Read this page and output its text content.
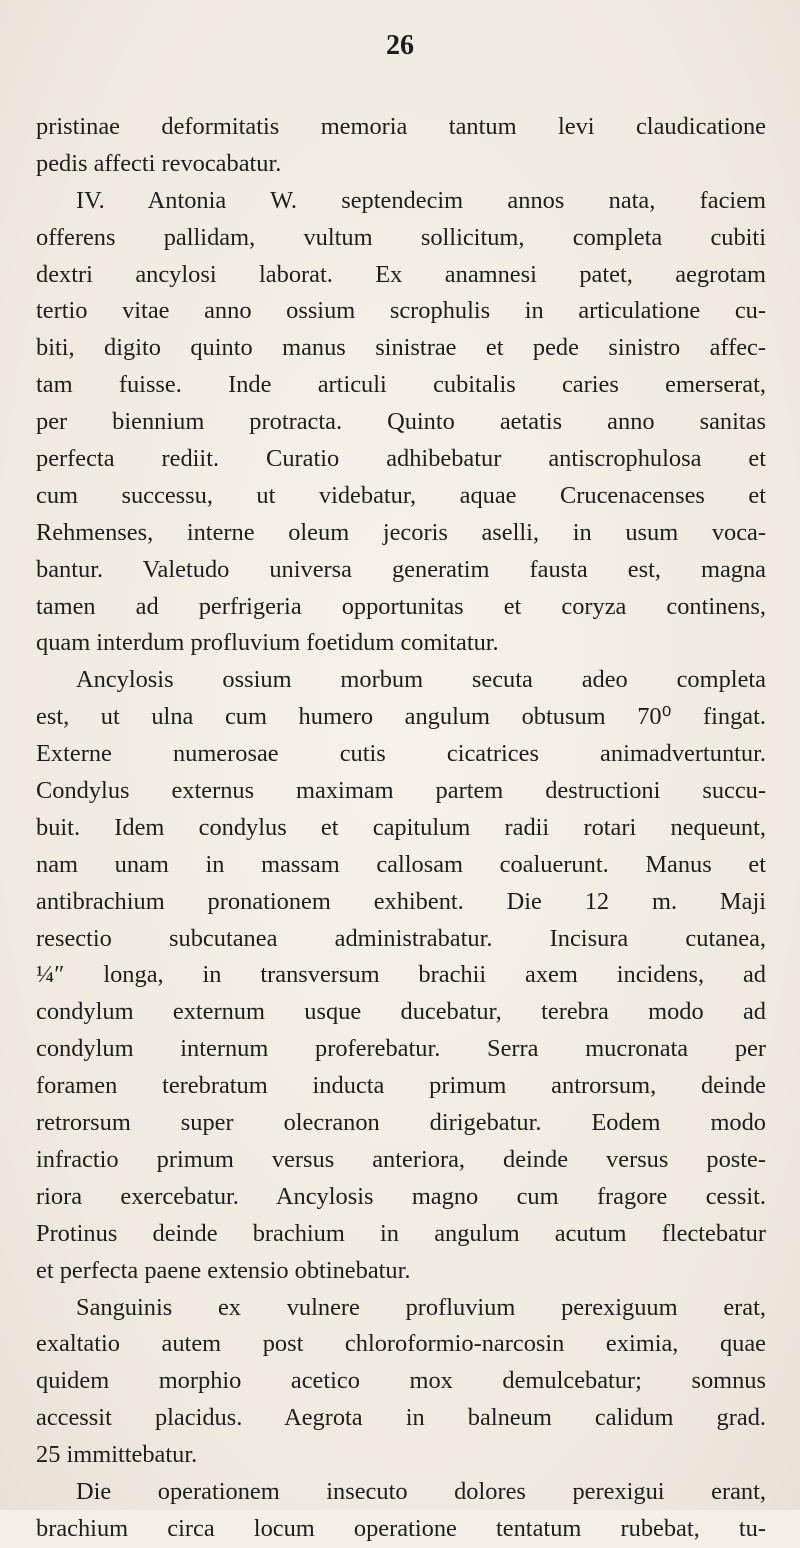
26
pristinae deformitatis memoria tantum levi claudicatione
pedis affecti revocabatur.
IV. Antonia W. septendecim annos nata, faciem
offerens pallidam, vultum sollicitum, completa cubiti
dextri ancylosi laborat. Ex anamnesi patet, aegrotam
tertio vitae anno ossium scrophulis in articulatione cu-
biti, digito quinto manus sinistrae et pede sinistro affec-
tam fuisse. Inde articuli cubitalis caries emerserat,
per biennium protracta. Quinto aetatis anno sanitas
perfecta rediit. Curatio adhibebatur antiscrophulosa et
cum successu, ut videbatur, aquae Crucenacenses et
Rehmenses, interne oleum jecoris aselli, in usum voca-
bantur. Valetudo universa generatim fausta est, magna
tamen ad perfrigeria opportunitas et coryza continens,
quam interdum profluvium foetidum comitatur.
Ancylosis ossium morbum secuta adeo completa
est, ut ulna cum humero angulum obtusum 70⁰ fingat.
Externe numerosae cutis cicatrices animadvertuntur.
Condylus externus maximam partem destructioni succu-
buit. Idem condylus et capitulum radii rotari nequeunt,
nam unam in massam callosam coaluerunt. Manus et
antibrachium pronationem exhibent. Die 12 m. Maji
resectio subcutanea administrabatur. Incisura cutanea,
¼″ longa, in transversum brachii axem incidens, ad
condylum externum usque ducebatur, terebra modo ad
condylum internum proferebatur. Serra mucronata per
foramen terebratum inducta primum antrorsum, deinde
retrorsum super olecranon dirigebatur. Eodem modo
infractio primum versus anteriora, deinde versus poste-
riora exercebatur. Ancylosis magno cum fragore cessit.
Protinus deinde brachium in angulum acutum flectebatur
et perfecta paene extensio obtinebatur.
Sanguinis ex vulnere profluvium perexiguum erat,
exaltatio autem post chloroformio-narcosin eximia, quae
quidem morphio acetico mox demulcebatur; somnus
accessit placidus. Aegrota in balneum calidum grad.
25 immittebatur.
Die operationem insecuto dolores perexigui erant,
brachium circa locum operatione tentatum rubebat, tu-
